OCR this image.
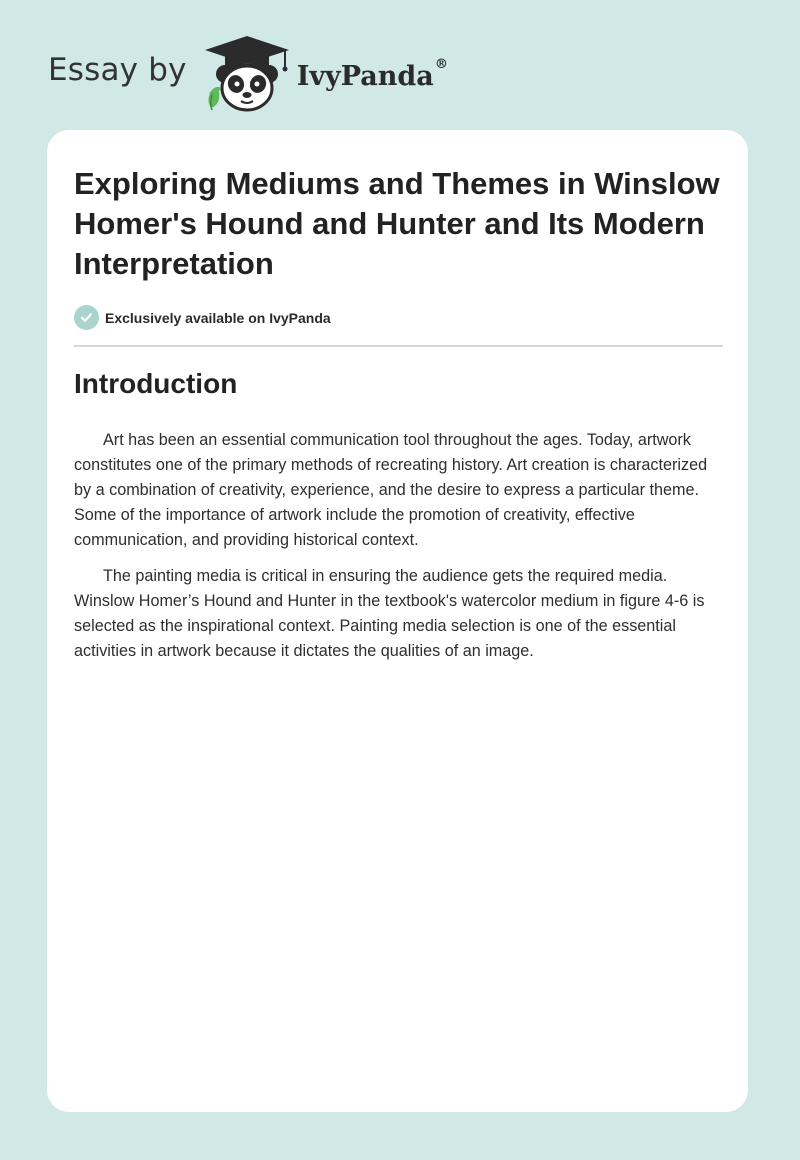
Essay by	IvyPanda®
Exploring Mediums and Themes in Winslow Homer's Hound and Hunter and Its Modern Interpretation
Exclusively available on IvyPanda
Introduction

Art has been an essential communication tool throughout the ages. Today, artwork constitutes one of the primary methods of recreating history. Art creation is characterized by a combination of creativity, experience, and the desire to express a particular theme. Some of the importance of artwork include the promotion of creativity, effective communication, and providing historical context.

The painting media is critical in ensuring the audience gets the required media. Winslow Homer’s Hound and Hunter in the textbook's watercolor medium in figure 4-6 is selected as the inspirational context. Painting media selection is one of the essential activities in artwork because it dictates the qualities of an image.
